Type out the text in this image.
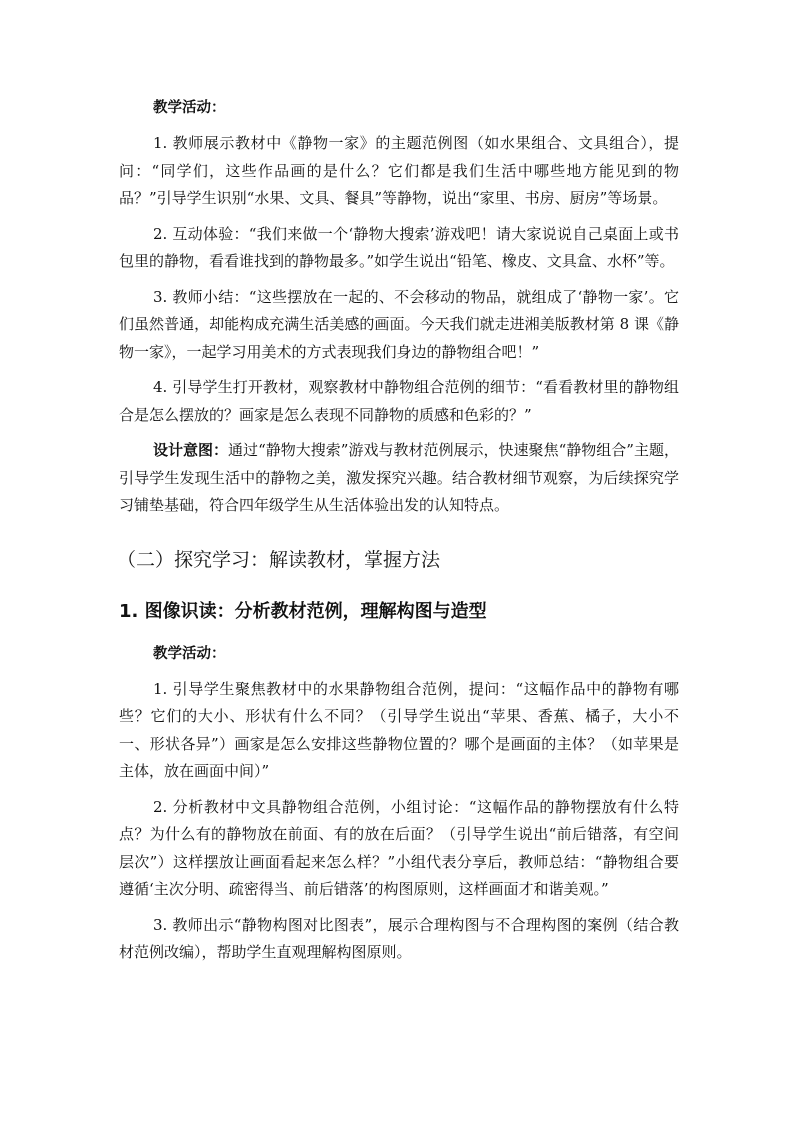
教学活动：

1. 教师展示教材中《静物一家》的主题范例图（如水果组合、文具组合），提问：“同学们，这些作品画的是什么？它们都是我们生活中哪些地方能见到的物品？”引导学生识别“水果、文具、餐具”等静物，说出“家里、书房、厨房”等场景。

2. 互动体验：“我们来做一个‘静物大搜索’游戏吧！请大家说说自己桌面上或书包里的静物，看看谁找到的静物最多。”如学生说出“铅笔、橡皮、文具盒、水杯”等。

3. 教师小结：“这些摆放在一起的、不会移动的物品，就组成了‘静物一家’。它们虽然普通，却能构成充满生活美感的画面。今天我们就走进湘美版教材第 8 课《静物一家》，一起学习用美术的方式表现我们身边的静物组合吧！”

4. 引导学生打开教材，观察教材中静物组合范例的细节：“看看教材里的静物组合是怎么摆放的？画家是怎么表现不同静物的质感和色彩的？”

设计意图：通过“静物大搜索”游戏与教材范例展示，快速聚焦“静物组合”主题，引导学生发现生活中的静物之美，激发探究兴趣。结合教材细节观察，为后续探究学习铺垫基础，符合四年级学生从生活体验出发的认知特点。

（二）探究学习：解读教材，掌握方法
1. 图像识读：分析教材范例，理解构图与造型
教学活动：

1. 引导学生聚焦教材中的水果静物组合范例，提问：“这幅作品中的静物有哪些？它们的大小、形状有什么不同？（引导学生说出“苹果、香蕉、橘子，大小不一、形状各异”）画家是怎么安排这些静物位置的？哪个是画面的主体？（如苹果是主体，放在画面中间）”

2. 分析教材中文具静物组合范例，小组讨论：“这幅作品的静物摆放有什么特点？为什么有的静物放在前面、有的放在后面？（引导学生说出“前后错落，有空间层次”）这样摆放让画面看起来怎么样？”小组代表分享后，教师总结：“静物组合要遵循‘主次分明、疏密得当、前后错落’的构图原则，这样画面才和谐美观。”

3. 教师出示“静物构图对比图表”，展示合理构图与不合理构图的案例（结合教材范例改编），帮助学生直观理解构图原则。
